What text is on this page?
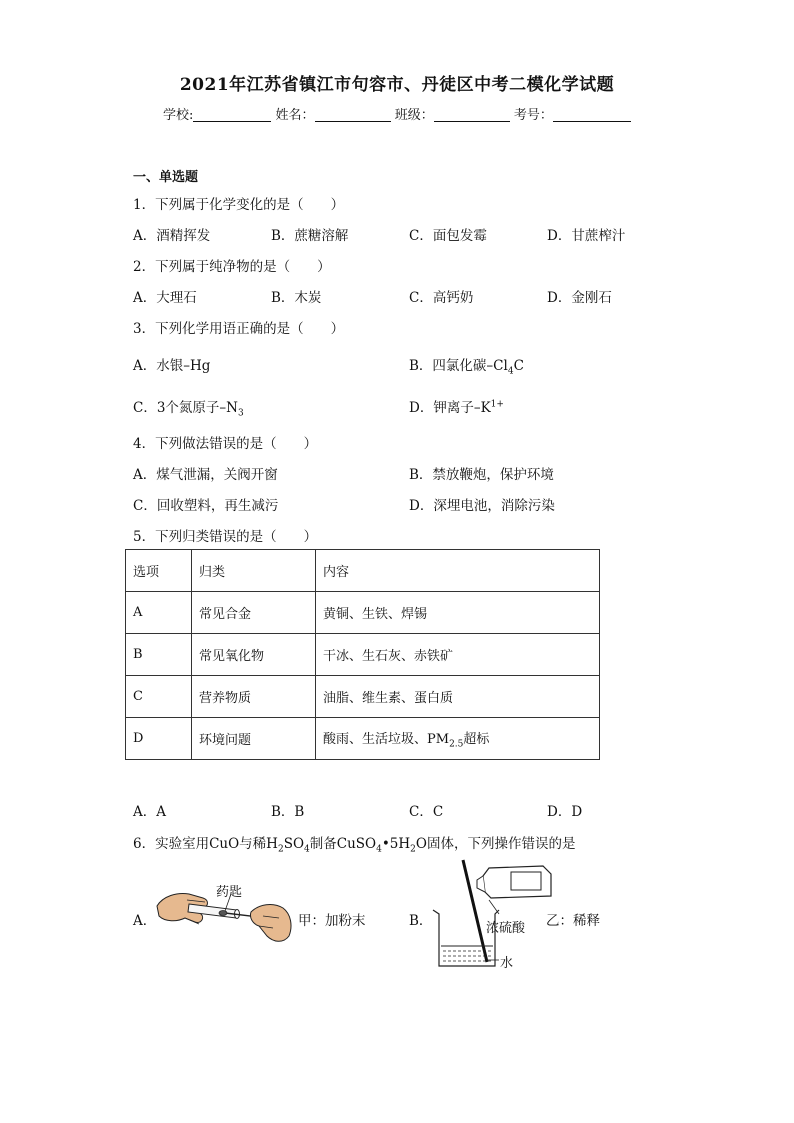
2021年江苏省镇江市句容市、丹徒区中考二模化学试题
学校:	姓名：	班级：	考号：
一、单选题
1．下列属于化学变化的是（　　）
A．酒精挥发	B．蔗糖溶解	C．面包发霉	D．甘蔗榨汁
2．下列属于纯净物的是（　　）
A．大理石	B．木炭	C．高钙奶	D．金刚石
3．下列化学用语正确的是（　　）
A．水银–Hg	B．四氯化碳$-Cl_4C$
C．3个氮原子$-N_3$	D．钾离子$-K^{1+}$
4．下列做法错误的是（　　）
A．煤气泄漏，关阀开窗	B．禁放鞭炮，保护环境
C．回收塑料，再生减污	D．深埋电池，消除污染
5．下列归类错误的是（　　）
选项	归类	内容
A	常见合金	黄铜、生铁、焊锡
B	常见氧化物	干冰、生石灰、赤铁矿
C	营养物质	油脂、维生素、蛋白质
D	环境问题	酸雨、生活垃圾、$PM_{2.5}$超标
A．A	B．B	C．C	D．D
6．实验室用CuO与稀$H_2SO_4$制备$CuSO_4•5H_2O$固体，下列操作错误的是
A．
药匙
甲：加粉末	B．	浓硫酸
水
乙：稀释
